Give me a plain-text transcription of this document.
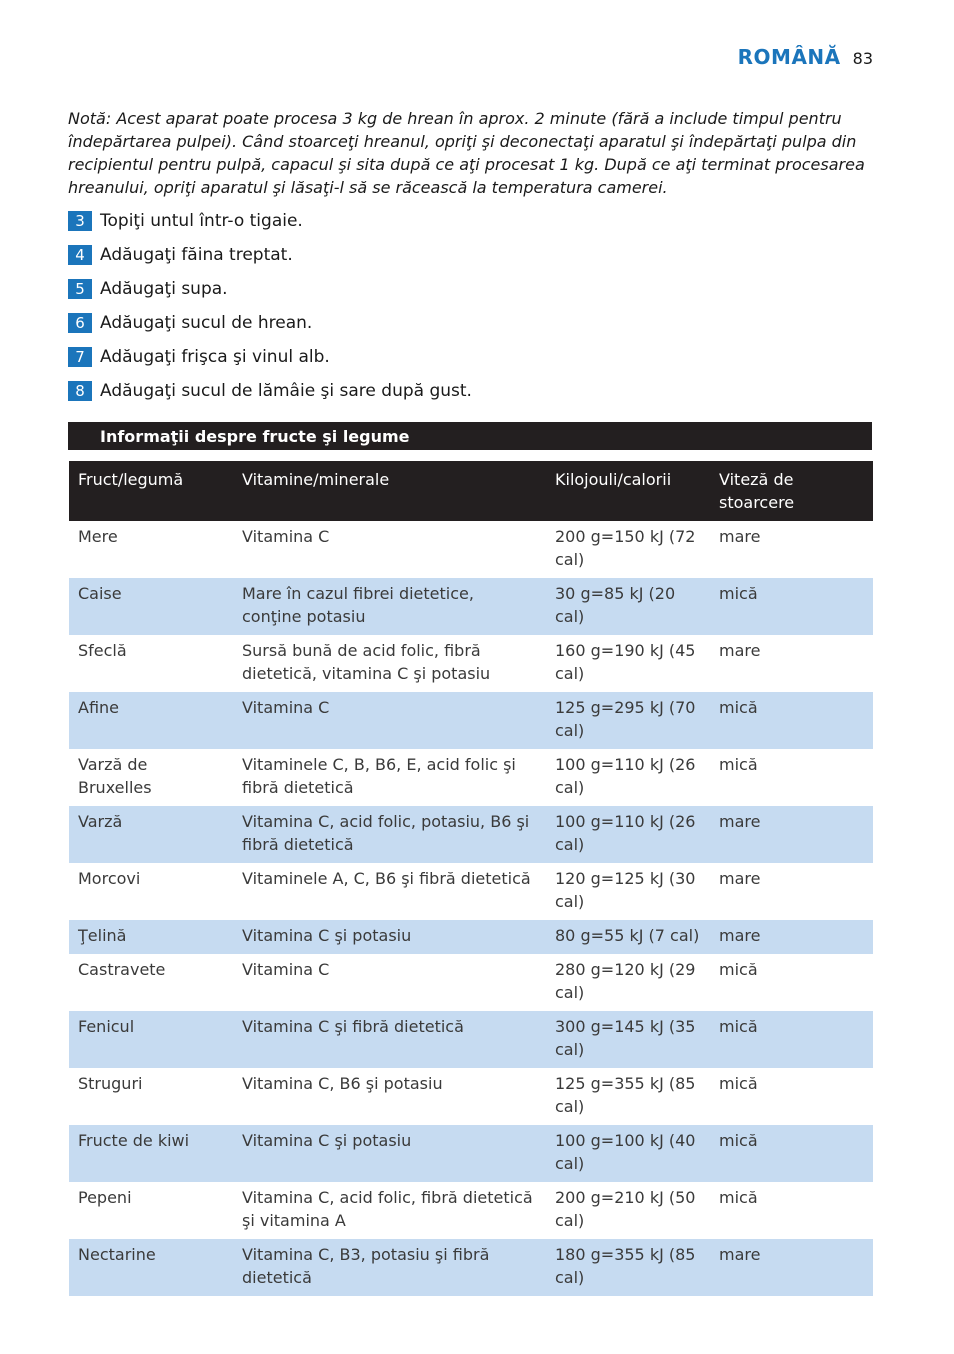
ROMÂNĂ 83
Notă: Acest aparat poate procesa 3 kg de hrean în aprox. 2 minute (fără a include timpul pentru îndepărtarea pulpei). Când stoarceţi hreanul, opriţi şi deconectaţi aparatul şi îndepărtaţi pulpa din recipientul pentru pulpă, capacul şi sita după ce aţi procesat 1 kg. După ce aţi terminat procesarea hreanului, opriţi aparatul şi lăsaţi-l să se răcească la temperatura camerei.
3 Topiţi untul într-o tigaie.
4 Adăugaţi făina treptat.
5 Adăugaţi supa.
6 Adăugaţi sucul de hrean.
7 Adăugaţi frişca şi vinul alb.
8 Adăugaţi sucul de lămâie şi sare după gust.
Informaţii despre fructe şi legume
Fruct/legumă	Vitamine/minerale	Kilojouli/calorii	Viteză de stoarcere
Mere	Vitamina C	200 g=150 kJ (72 cal)	mare
Caise	Mare în cazul fibrei dietetice, conţine potasiu	30 g=85 kJ (20 cal)	mică
Sfeclă	Sursă bună de acid folic, fibră dietetică, vitamina C şi potasiu	160 g=190 kJ (45 cal)	mare
Afine	Vitamina C	125 g=295 kJ (70 cal)	mică
Varză de Bruxelles	Vitaminele C, B, B6, E, acid folic şi fibră dietetică	100 g=110 kJ (26 cal)	mică
Varză	Vitamina C, acid folic, potasiu, B6 şi fibră dietetică	100 g=110 kJ (26 cal)	mare
Morcovi	Vitaminele A, C, B6 şi fibră dietetică	120 g=125 kJ (30 cal)	mare
Ţelină	Vitamina C şi potasiu	80 g=55 kJ (7 cal)	mare
Castravete	Vitamina C	280 g=120 kJ (29 cal)	mică
Fenicul	Vitamina C şi fibră dietetică	300 g=145 kJ (35 cal)	mică
Struguri	Vitamina C, B6 şi potasiu	125 g=355 kJ (85 cal)	mică
Fructe de kiwi	Vitamina C şi potasiu	100 g=100 kJ (40 cal)	mică
Pepeni	Vitamina C, acid folic, fibră dietetică şi vitamina A	200 g=210 kJ (50 cal)	mică
Nectarine	Vitamina C, B3, potasiu şi fibră dietetică	180 g=355 kJ (85 cal)	mare
